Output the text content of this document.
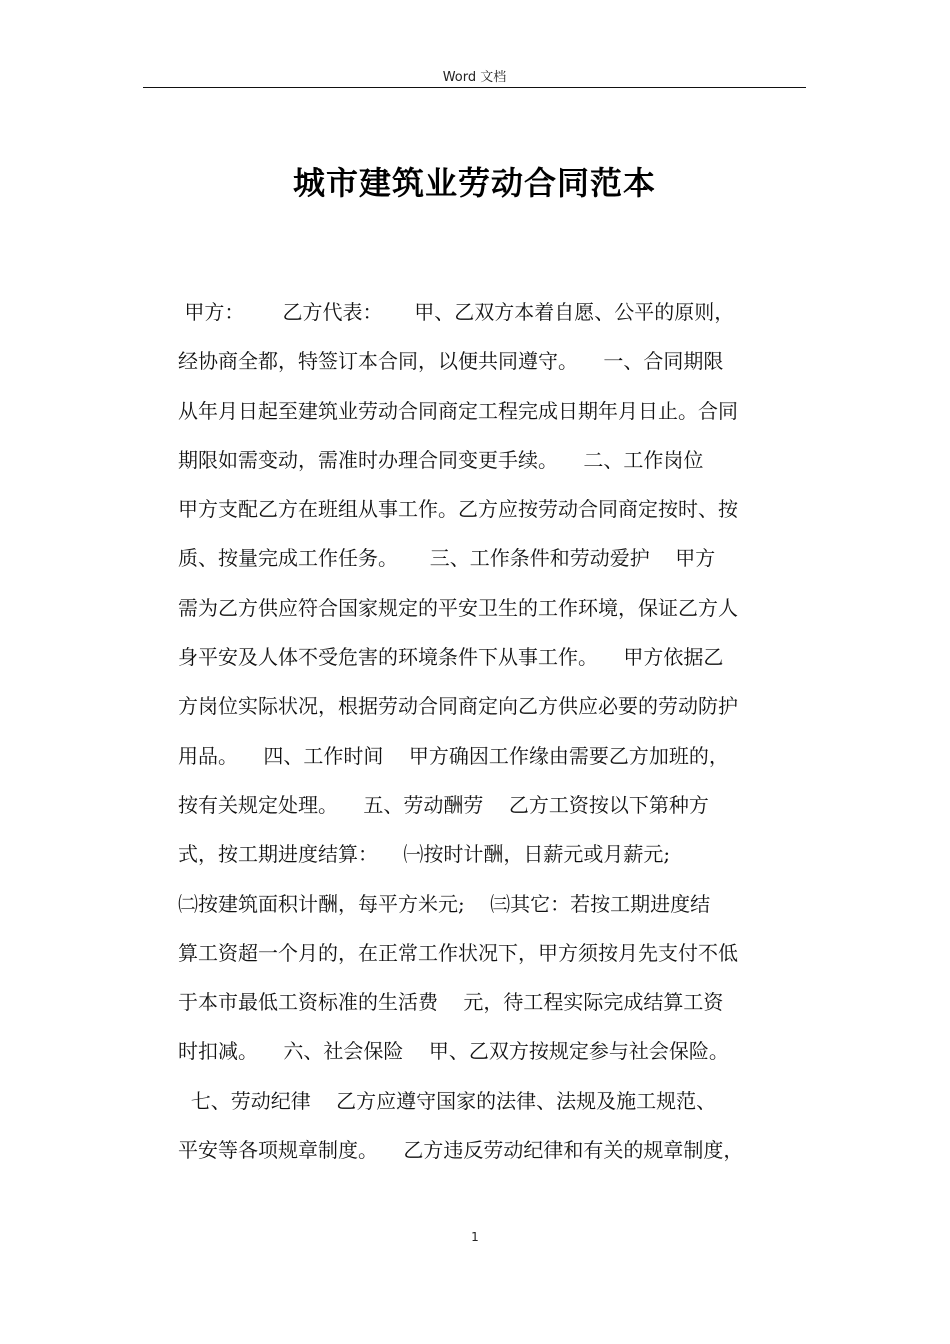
Word 文档
城市建筑业劳动合同范本
甲方：      乙方代表：     甲、乙双方本着自愿、公平的原则，
经协商全都，特签订本合同，以便共同遵守。    一、合同期限
从年月日起至建筑业劳动合同商定工程完成日期年月日止。合同
期限如需变动，需准时办理合同变更手续。    二、工作岗位
甲方支配乙方在班组从事工作。乙方应按劳动合同商定按时、按
质、按量完成工作任务。     三、工作条件和劳动爱护    甲方
需为乙方供应符合国家规定的平安卫生的工作环境，保证乙方人
身平安及人体不受危害的环境条件下从事工作。    甲方依据乙
方岗位实际状况，根据劳动合同商定向乙方供应必要的劳动防护
用品。    四、工作时间    甲方确因工作缘由需要乙方加班的，
按有关规定处理。    五、劳动酬劳    乙方工资按以下第种方
式，按工期进度结算：    ㈠按时计酬，日薪元或月薪元;
㈡按建筑面积计酬，每平方米元;    ㈢其它：若按工期进度结
算工资超一个月的，在正常工作状况下，甲方须按月先支付不低
于本市最低工资标准的生活费    元，待工程实际完成结算工资
时扣减。    六、社会保险    甲、乙双方按规定参与社会保险。
七、劳动纪律    乙方应遵守国家的法律、法规及施工规范、
平安等各项规章制度。    乙方违反劳动纪律和有关的规章制度，
1
